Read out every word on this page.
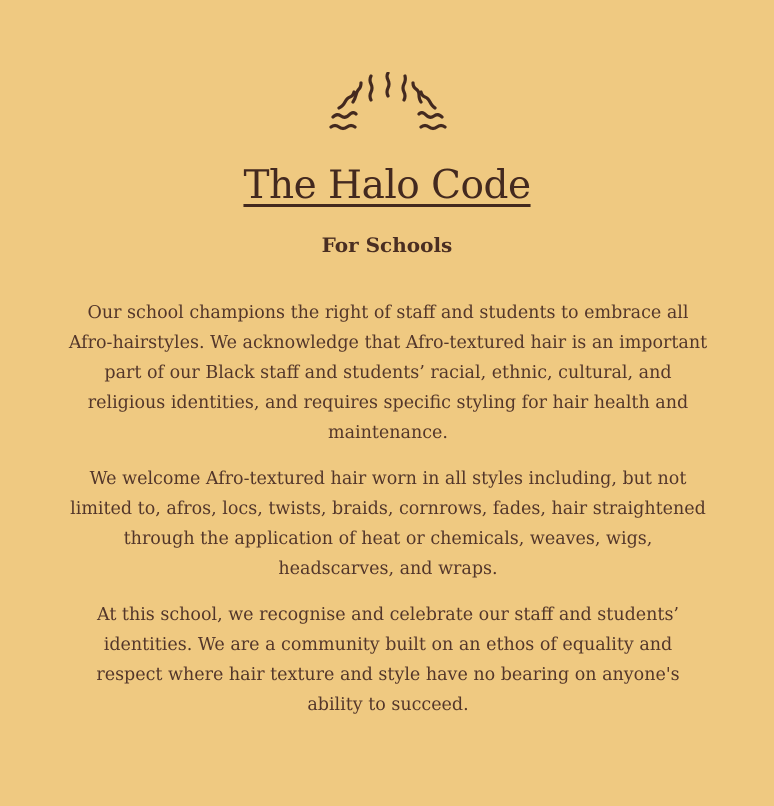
The Halo Code
For Schools

Our school champions the right of staff and students to embrace all Afro-hairstyles. We acknowledge that Afro-textured hair is an important part of our Black staff and students’ racial, ethnic, cultural, and religious identities, and requires specific styling for hair health and maintenance.

We welcome Afro-textured hair worn in all styles including, but not limited to, afros, locs, twists, braids, cornrows, fades, hair straightened through the application of heat or chemicals, weaves, wigs, headscarves, and wraps.

At this school, we recognise and celebrate our staff and students’ identities. We are a community built on an ethos of equality and respect where hair texture and style have no bearing on anyone's ability to succeed.
